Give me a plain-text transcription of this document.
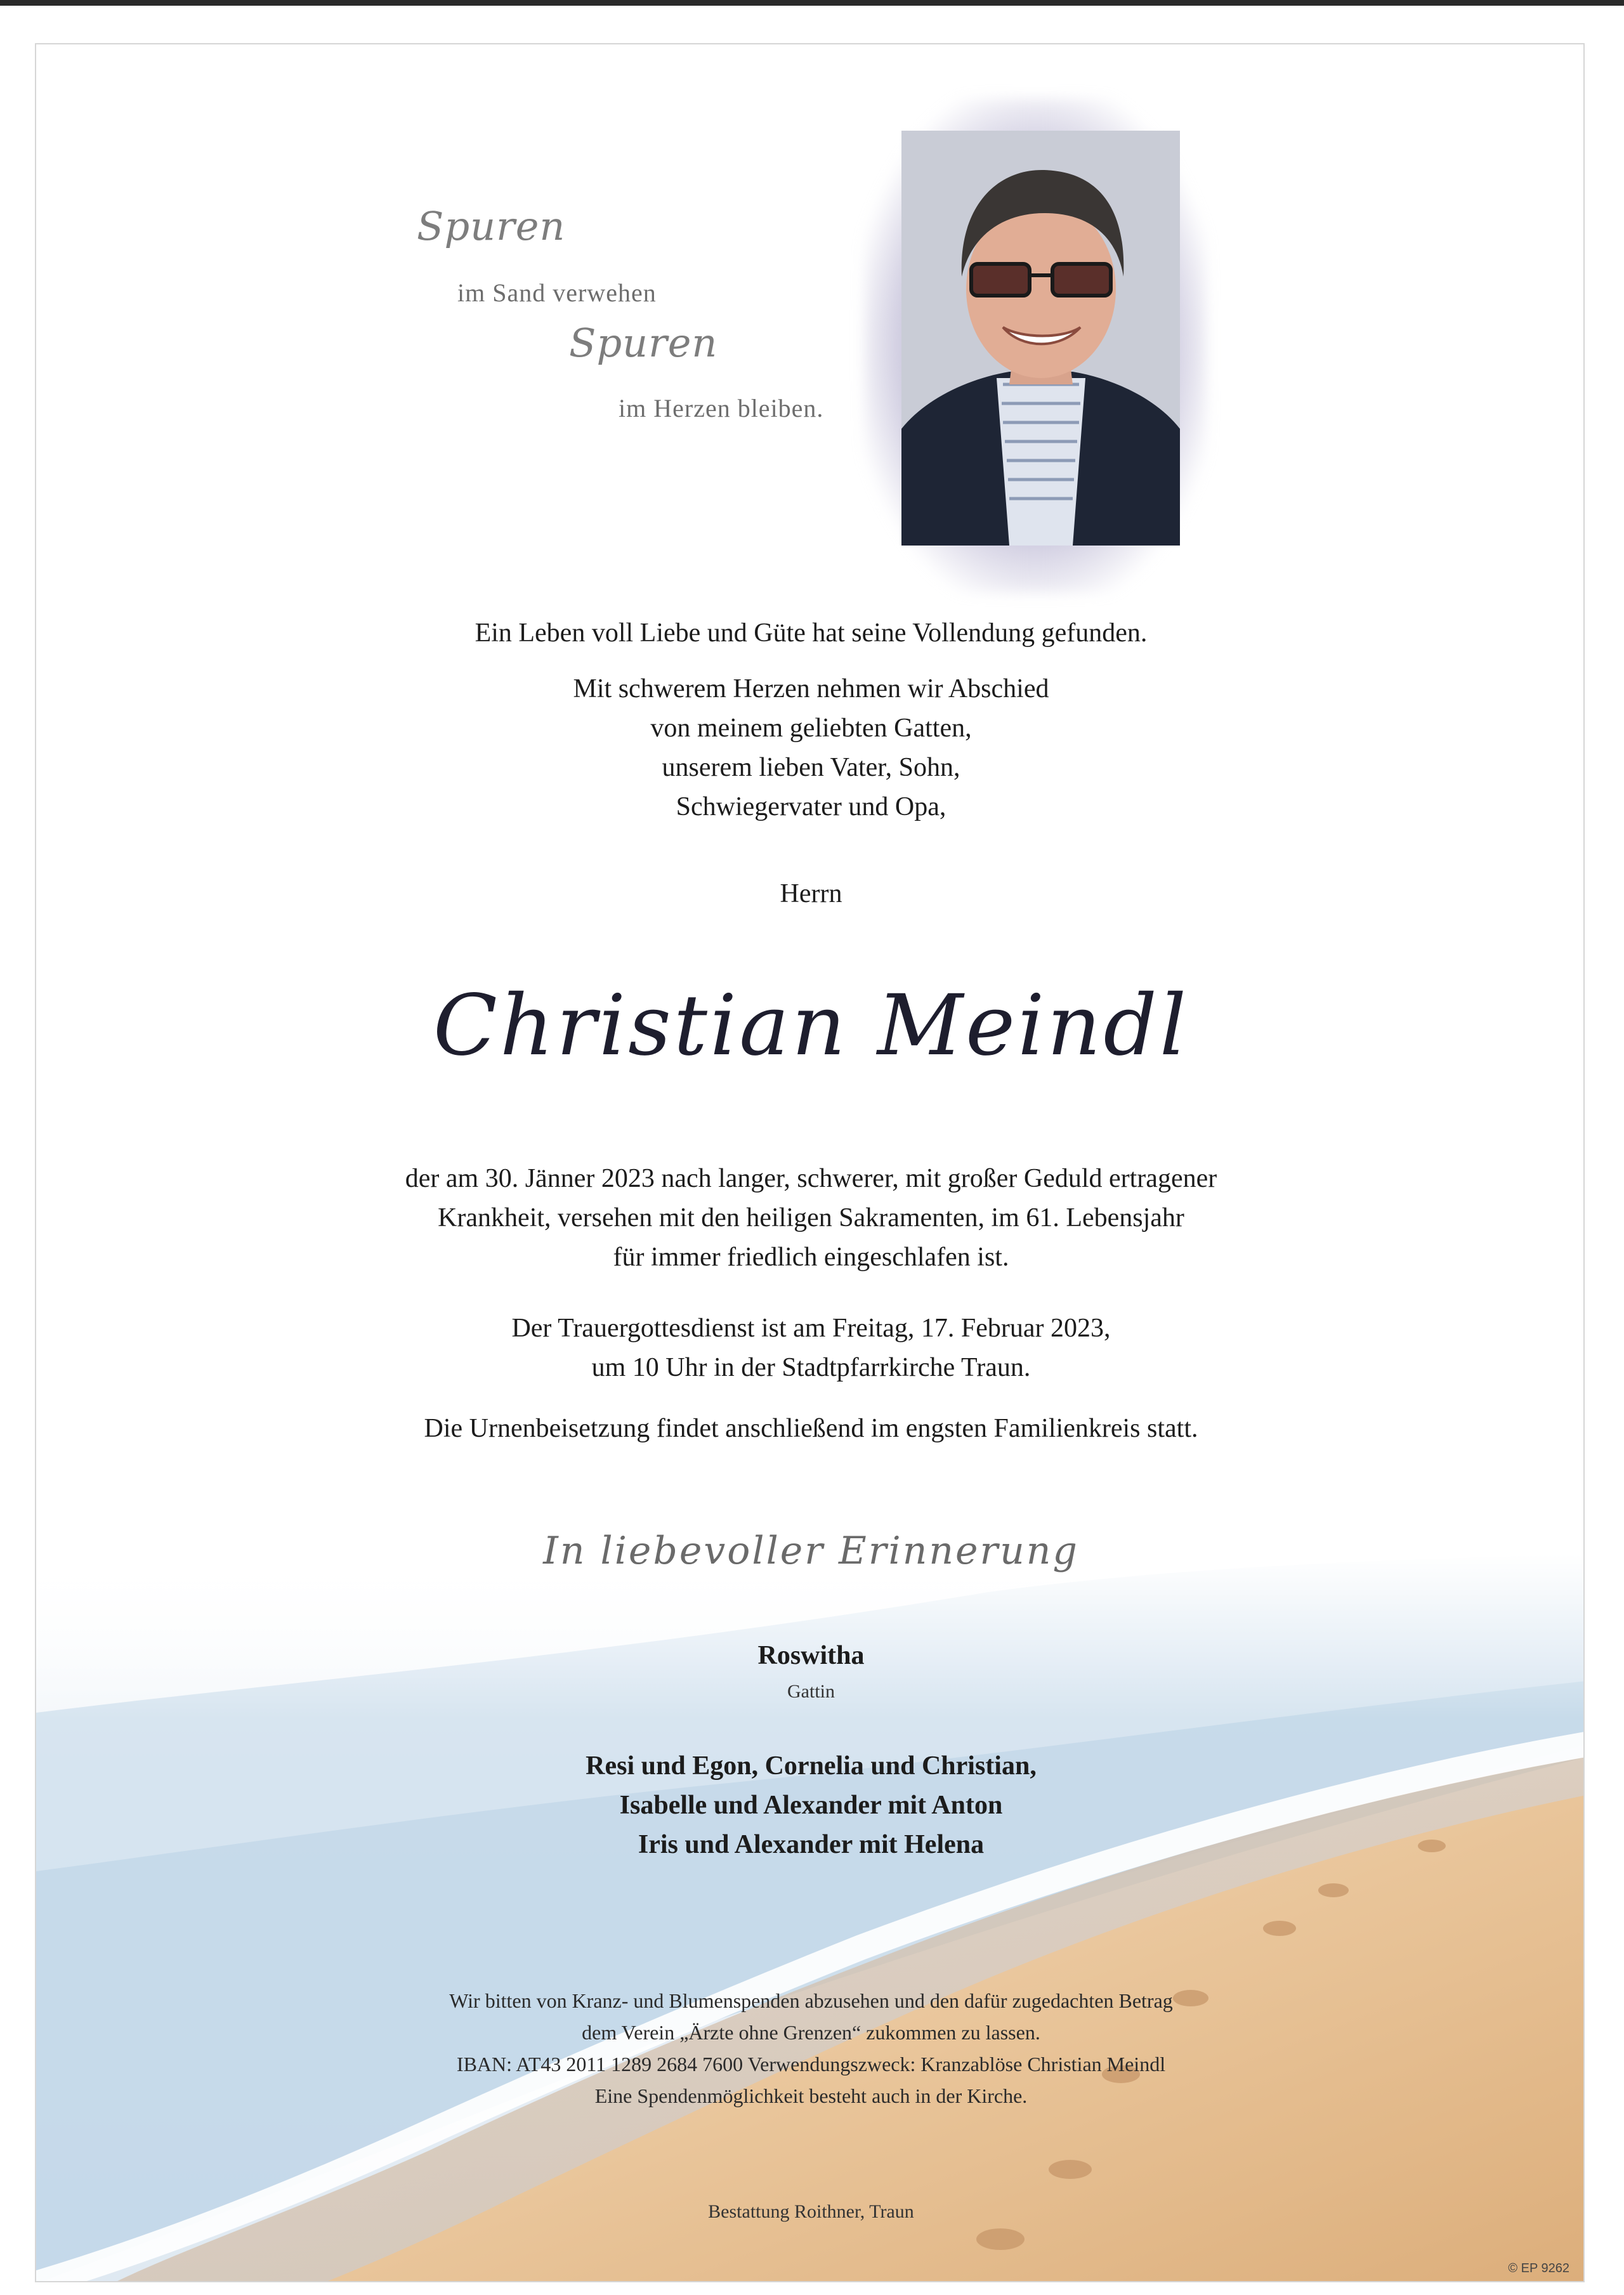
Spuren
im Sand verwehen
Spuren
im Herzen bleiben.
Ein Leben voll Liebe und Güte hat seine Vollendung gefunden.
Mit schwerem Herzen nehmen wir Abschied
von meinem geliebten Gatten,
unserem lieben Vater, Sohn,
Schwiegervater und Opa,
Herrn
Christian Meindl
der am 30. Jänner 2023 nach langer, schwerer, mit großer Geduld ertragener
Krankheit, versehen mit den heiligen Sakramenten, im 61. Lebensjahr
für immer friedlich eingeschlafen ist.
Der Trauergottesdienst ist am Freitag, 17. Februar 2023,
um 10 Uhr in der Stadtpfarrkirche Traun.
Die Urnenbeisetzung findet anschließend im engsten Familienkreis statt.
In liebevoller Erinnerung
Roswitha
Gattin
Resi und Egon, Cornelia und Christian,
Isabelle und Alexander mit Anton
Iris und Alexander mit Helena
Wir bitten von Kranz- und Blumenspenden abzusehen und den dafür zugedachten Betrag
dem Verein „Ärzte ohne Grenzen“ zukommen zu lassen.
IBAN: AT43 2011 1289 2684 7600 Verwendungszweck: Kranzablöse Christian Meindl
Eine Spendenmöglichkeit besteht auch in der Kirche.
Bestattung Roithner, Traun
© EP 9262
